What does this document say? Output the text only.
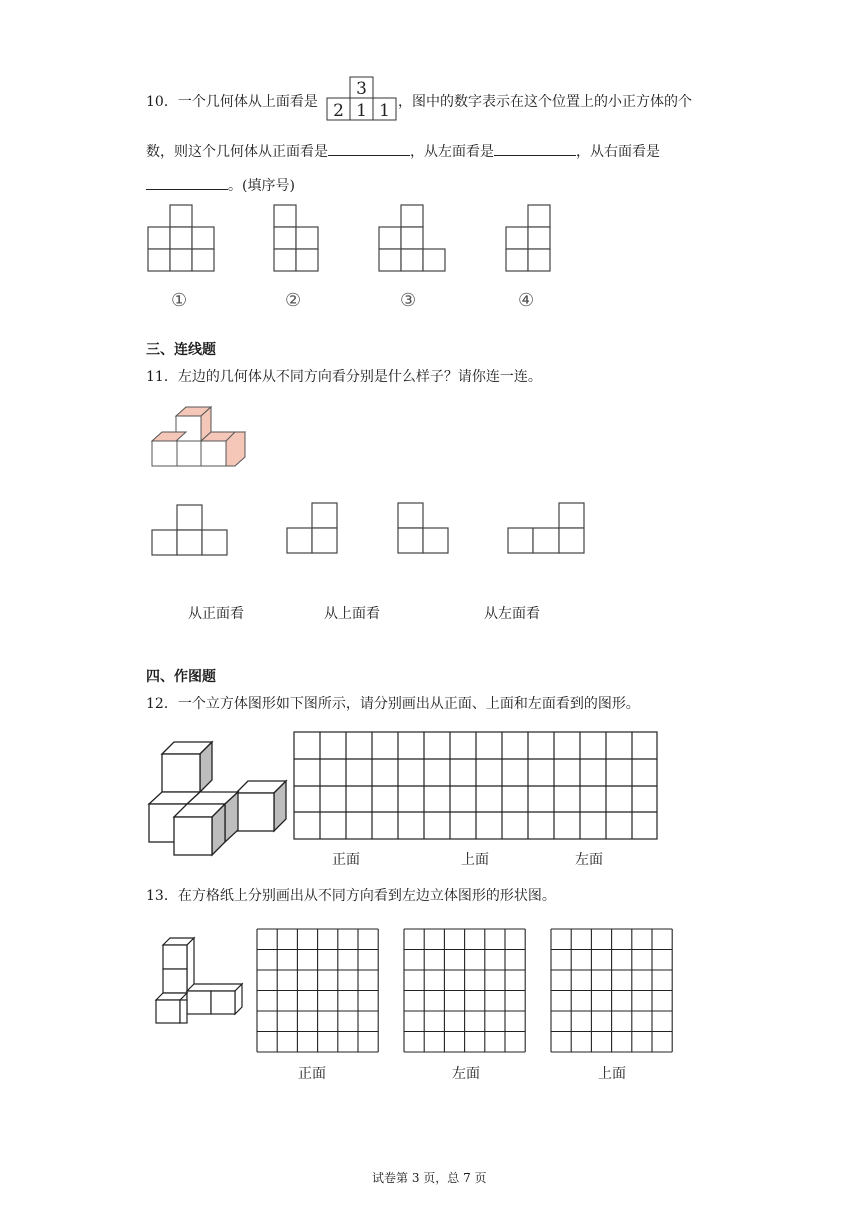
10．一个几何体从上面看是
3
2 1 1 ，图中的数字表示在这个位置上的小正方体的个
数，则这个几何体从正面看是	，从左面看是	，从右面看是
。(填序号)
①	②	③	④
三、连线题
11．左边的几何体从不同方向看分别是什么样子？请你连一连。
从正面看	从上面看	从左面看
四、作图题
12．一个立方体图形如下图所示，请分别画出从正面、上面和左面看到的图形。
正面	上面	左面
13．在方格纸上分别画出从不同方向看到左边立体图形的形状图。
正面	左面	上面
试卷第 3 页，总 7 页
